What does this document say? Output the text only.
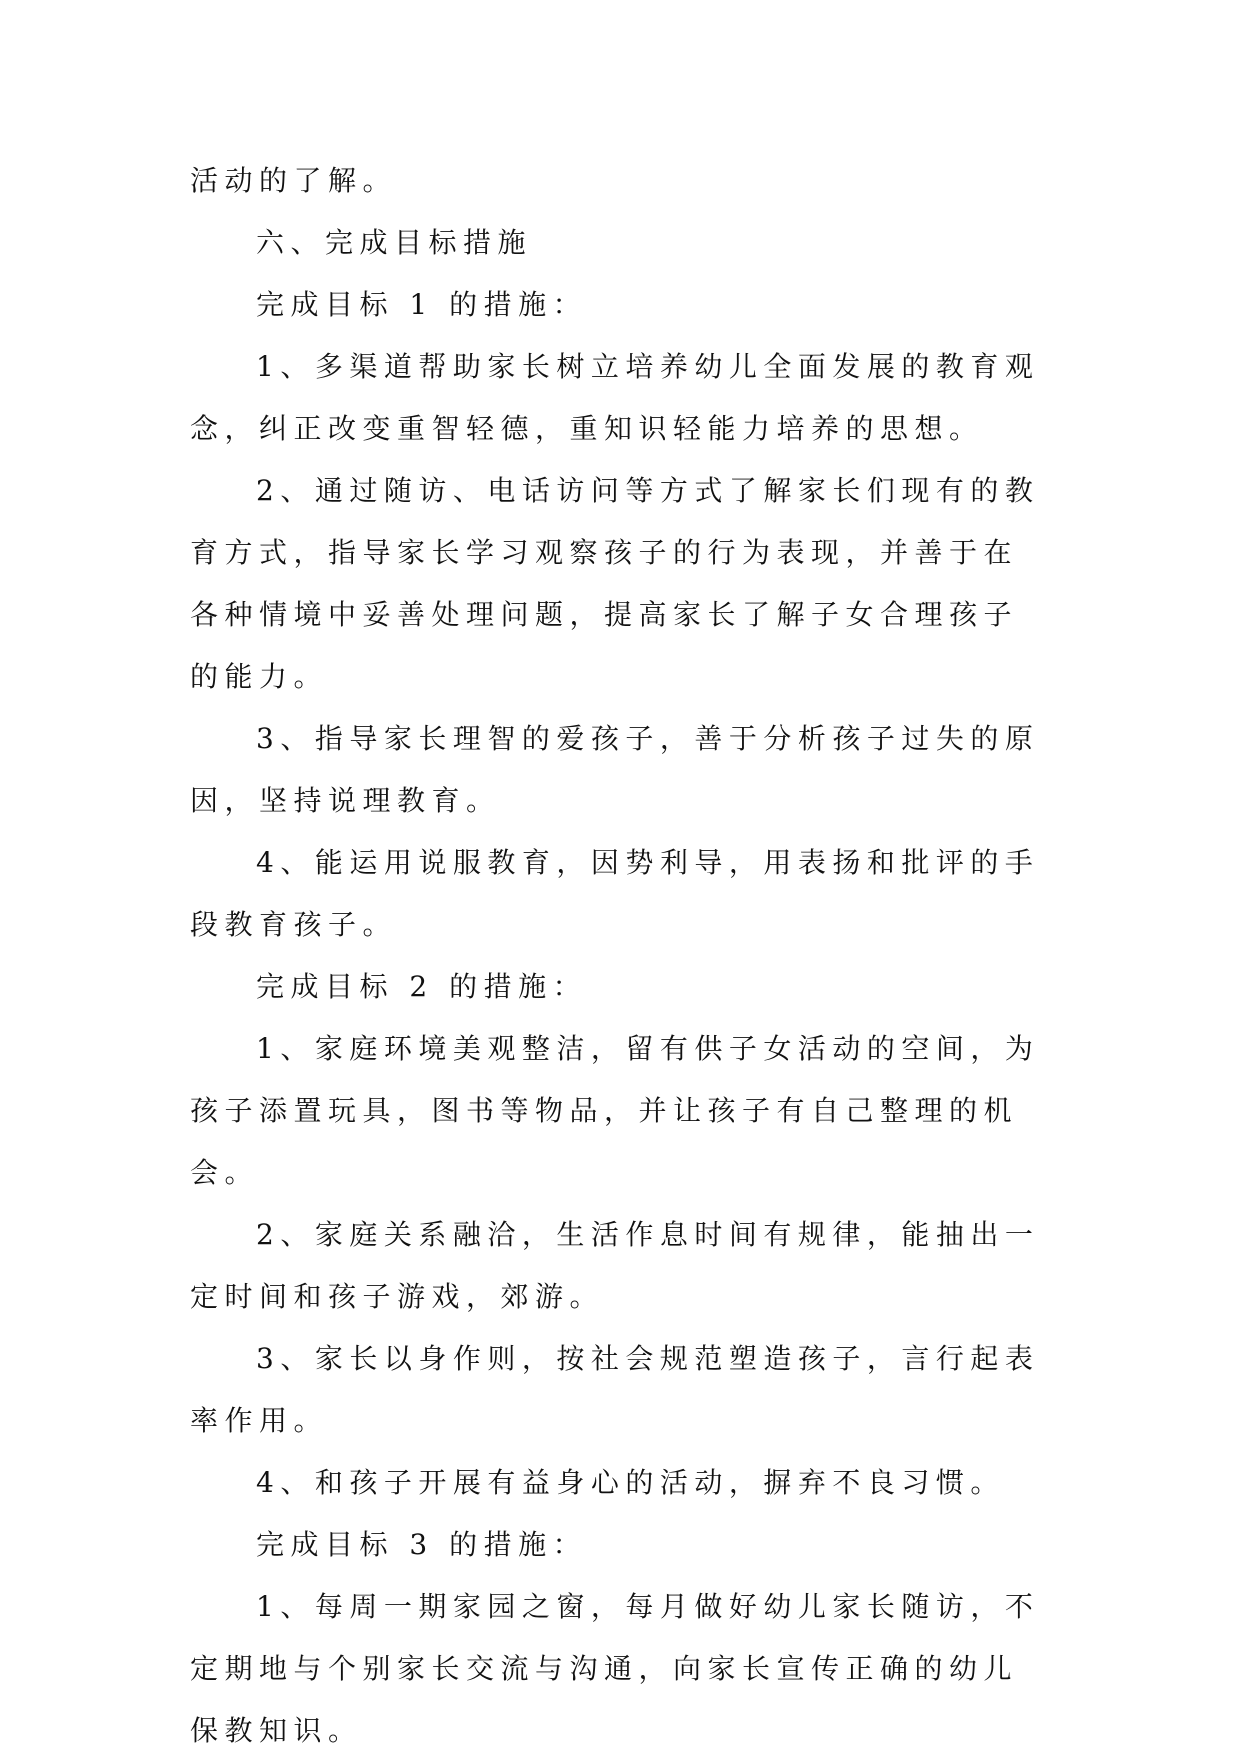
活动的了解。

六、完成目标措施

完成目标 1 的措施：

1、多渠道帮助家长树立培养幼儿全面发展的教育观念，纠正改变重智轻德，重知识轻能力培养的思想。

2、通过随访、电话访问等方式了解家长们现有的教育方式，指导家长学习观察孩子的行为表现，并善于在各种情境中妥善处理问题，提高家长了解子女合理孩子的能力。

3、指导家长理智的爱孩子，善于分析孩子过失的原因，坚持说理教育。

4、能运用说服教育，因势利导，用表扬和批评的手段教育孩子。

完成目标 2 的措施：

1、家庭环境美观整洁，留有供子女活动的空间，为孩子添置玩具，图书等物品，并让孩子有自己整理的机会。

2、家庭关系融洽，生活作息时间有规律，能抽出一定时间和孩子游戏，郊游。

3、家长以身作则，按社会规范塑造孩子，言行起表率作用。

4、和孩子开展有益身心的活动，摒弃不良习惯。

完成目标 3 的措施：

1、每周一期家园之窗，每月做好幼儿家长随访，不定期地与个别家长交流与沟通，向家长宣传正确的幼儿保教知识。
